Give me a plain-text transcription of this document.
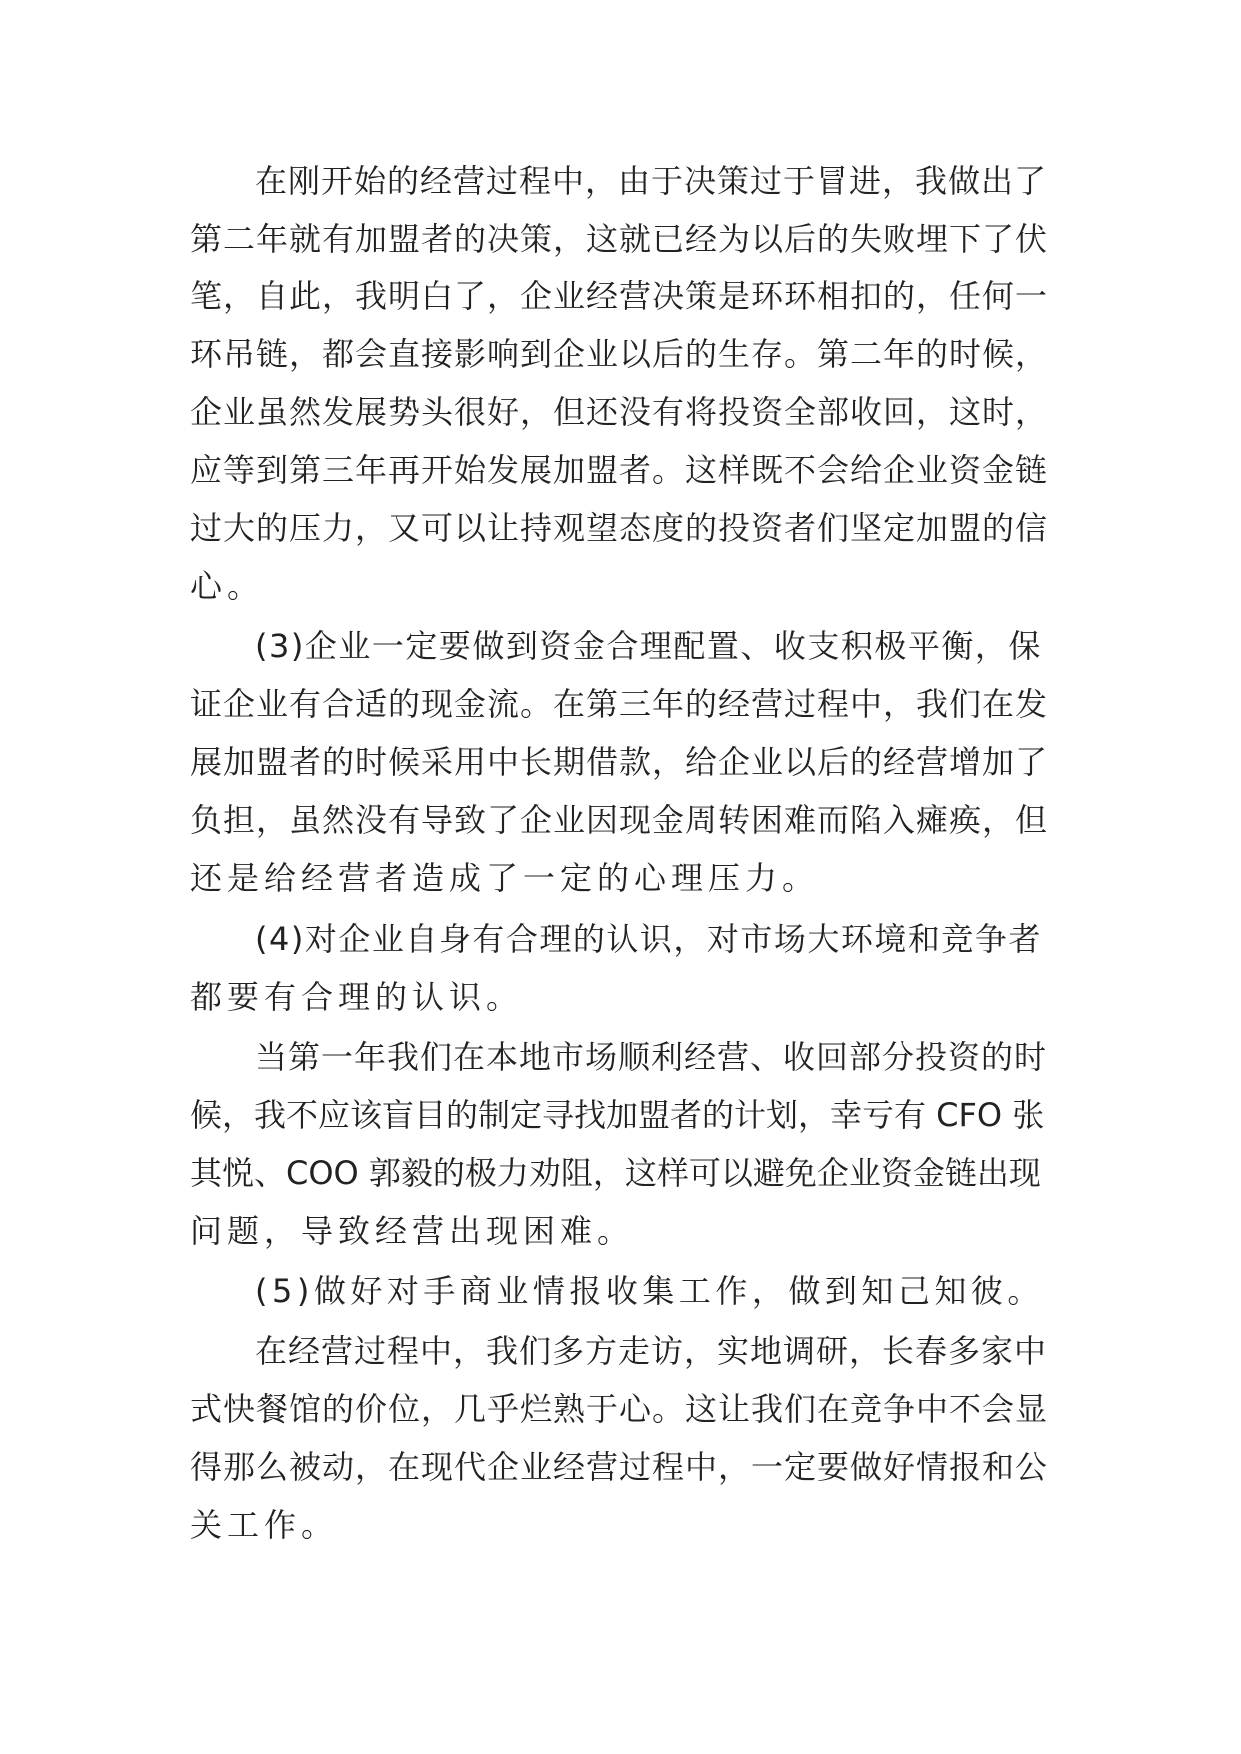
在刚开始的经营过程中，由于决策过于冒进，我做出了
第二年就有加盟者的决策，这就已经为以后的失败埋下了伏
笔，自此，我明白了，企业经营决策是环环相扣的，任何一
环吊链，都会直接影响到企业以后的生存。第二年的时候，
企业虽然发展势头很好，但还没有将投资全部收回，这时，
应等到第三年再开始发展加盟者。这样既不会给企业资金链
过大的压力，又可以让持观望态度的投资者们坚定加盟的信
心。
(3)企业一定要做到资金合理配置、收支积极平衡，保
证企业有合适的现金流。在第三年的经营过程中，我们在发
展加盟者的时候采用中长期借款，给企业以后的经营增加了
负担，虽然没有导致了企业因现金周转困难而陷入瘫痪，但
还是给经营者造成了一定的心理压力。
(4)对企业自身有合理的认识，对市场大环境和竞争者
都要有合理的认识。
当第一年我们在本地市场顺利经营、收回部分投资的时
候，我不应该盲目的制定寻找加盟者的计划，幸亏有 CFO 张
其悦、COO 郭毅的极力劝阻，这样可以避免企业资金链出现
问题，导致经营出现困难。
(5)做好对手商业情报收集工作，做到知己知彼。
在经营过程中，我们多方走访，实地调研，长春多家中
式快餐馆的价位，几乎烂熟于心。这让我们在竞争中不会显
得那么被动，在现代企业经营过程中，一定要做好情报和公
关工作。
